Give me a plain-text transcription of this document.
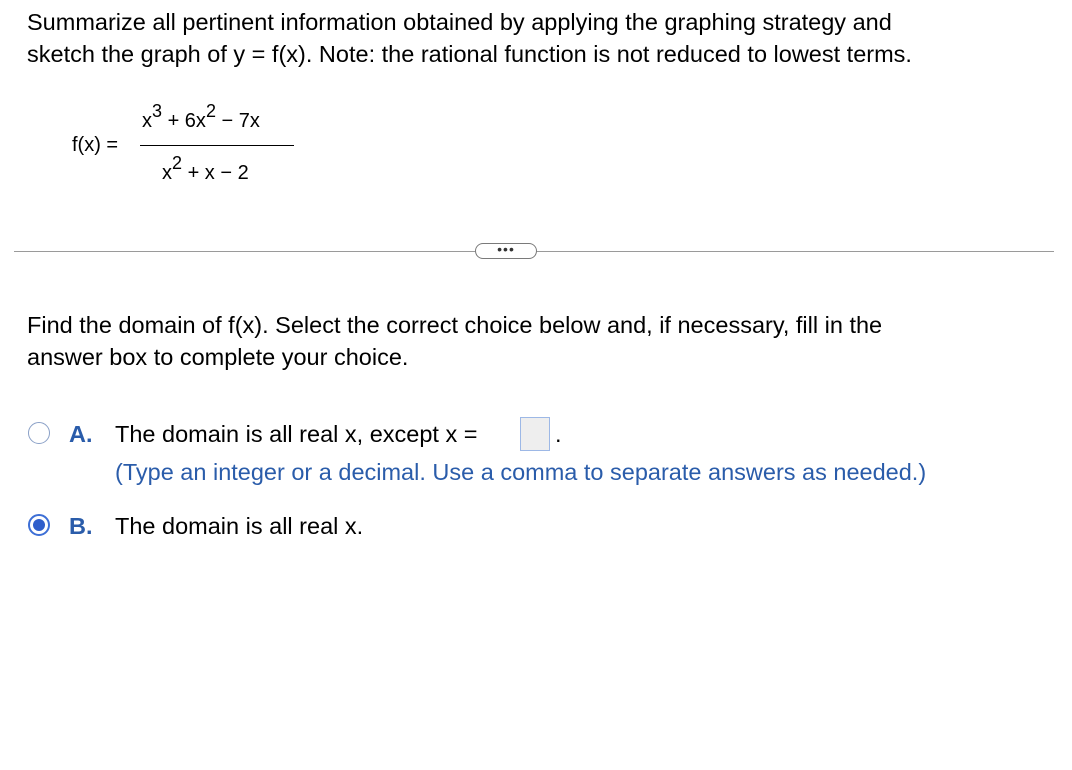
Summarize all pertinent information obtained by applying the graphing strategy and
sketch the graph of y = f(x). Note: the rational function is not reduced to lowest terms.
f(x) =
x3 + 6x2 − 7x
x2 + x − 2
•••
Find the domain of f(x). Select the correct choice below and, if necessary, fill in the
answer box to complete your choice.
A. The domain is all real x, except x =	.
(Type an integer or a decimal. Use a comma to separate answers as needed.)
B. The domain is all real x.
